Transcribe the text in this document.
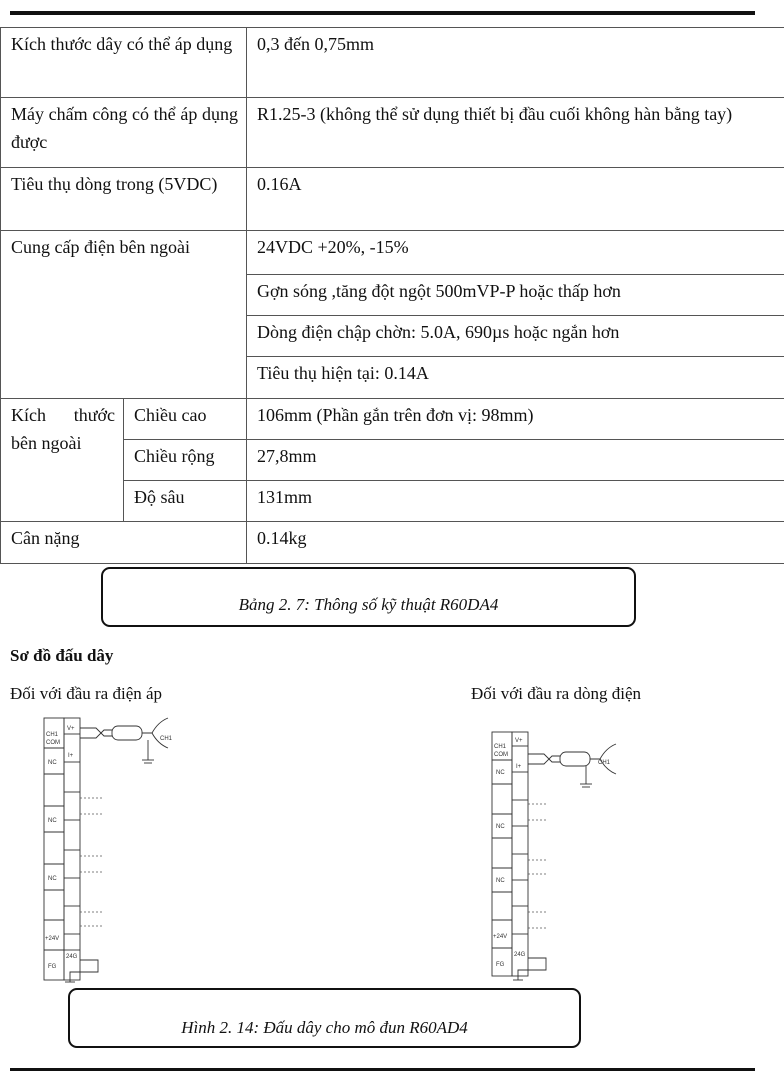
Kích thước dây có thể áp dụng		0,3 đến 0,75mm
Máy chấm công có thể áp dụng được		R1.25-3 (không thể sử dụng thiết bị đầu cuối không hàn bằng tay)
Tiêu thụ dòng trong (5VDC)		0.16A
Cung cấp điện bên ngoài		24VDC +20%, -15%
		Gợn sóng ,tăng đột ngột 500mVP-P hoặc thấp hơn
		Dòng điện chập chờn: 5.0A, 690µs hoặc ngắn hơn
		Tiêu thụ hiện tại: 0.14A
Kích thước bên ngoài	Chiều cao	106mm (Phần gắn trên đơn vị: 98mm)
	Chiều rộng	27,8mm
	Độ sâu	131mm
Cân nặng		0.14kg
Bảng 2. 7: Thông số kỹ thuật R60DA4
Sơ đồ đấu dây
Đối với đầu ra điện áp	Đối với đầu ra dòng điện
CH1
COM
NC
NC
NC
+24V
FG
V+
I+
24G
CH1
CH1
COM
NC
NC
NC
+24V
FG
V+
I+
24G
CH1
Hình 2. 14: Đấu dây cho mô đun R60AD4
